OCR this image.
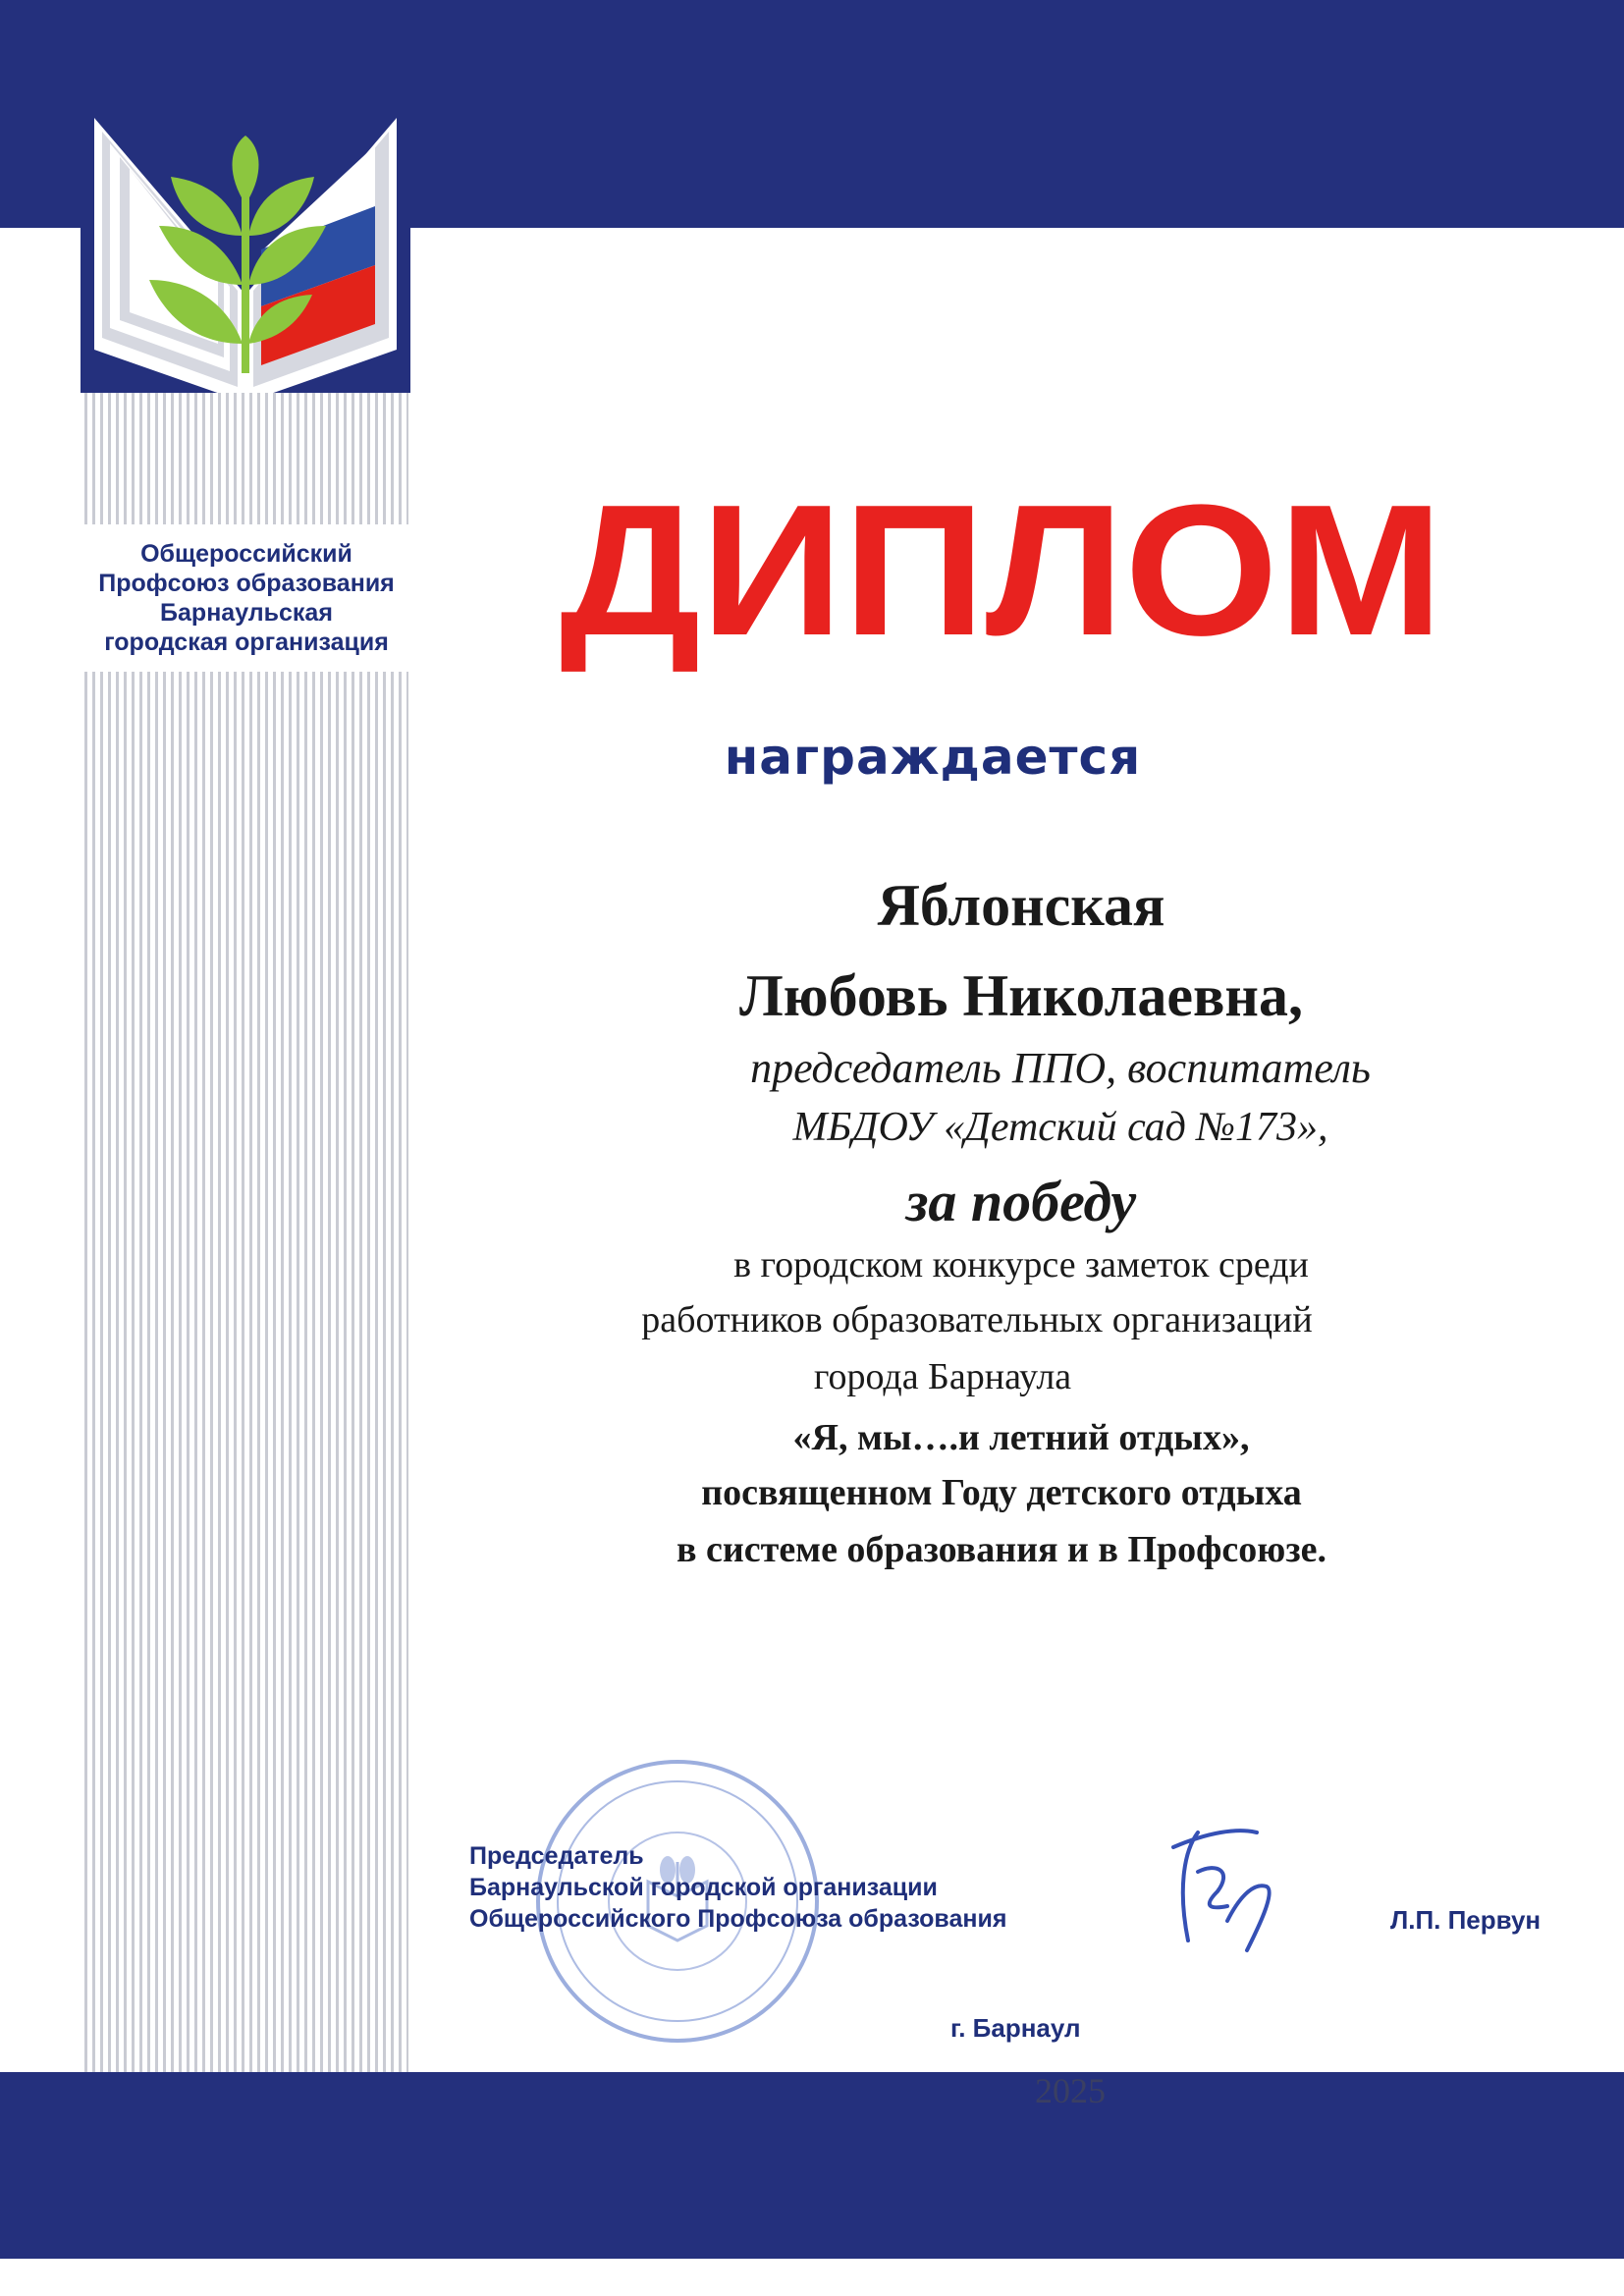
Общероссийский
Профсоюз образования
Барнаульская
городская организация ДИПЛОМ
награждается
Яблонская
Любовь Николаевна,
председатель ППО, воспитатель
МБДОУ «Детский сад №173»,
за победу
в городском конкурсе заметок среди
работников образовательных организаций
города Барнаула
«Я, мы….и летний отдых»,
посвященном Году детского отдыха
в системе образования и в Профсоюзе.
Председатель
Барнаульской городской организации
Общероссийского Профсоюза образования	Л.П. Первун
г. Барнаул
2025
